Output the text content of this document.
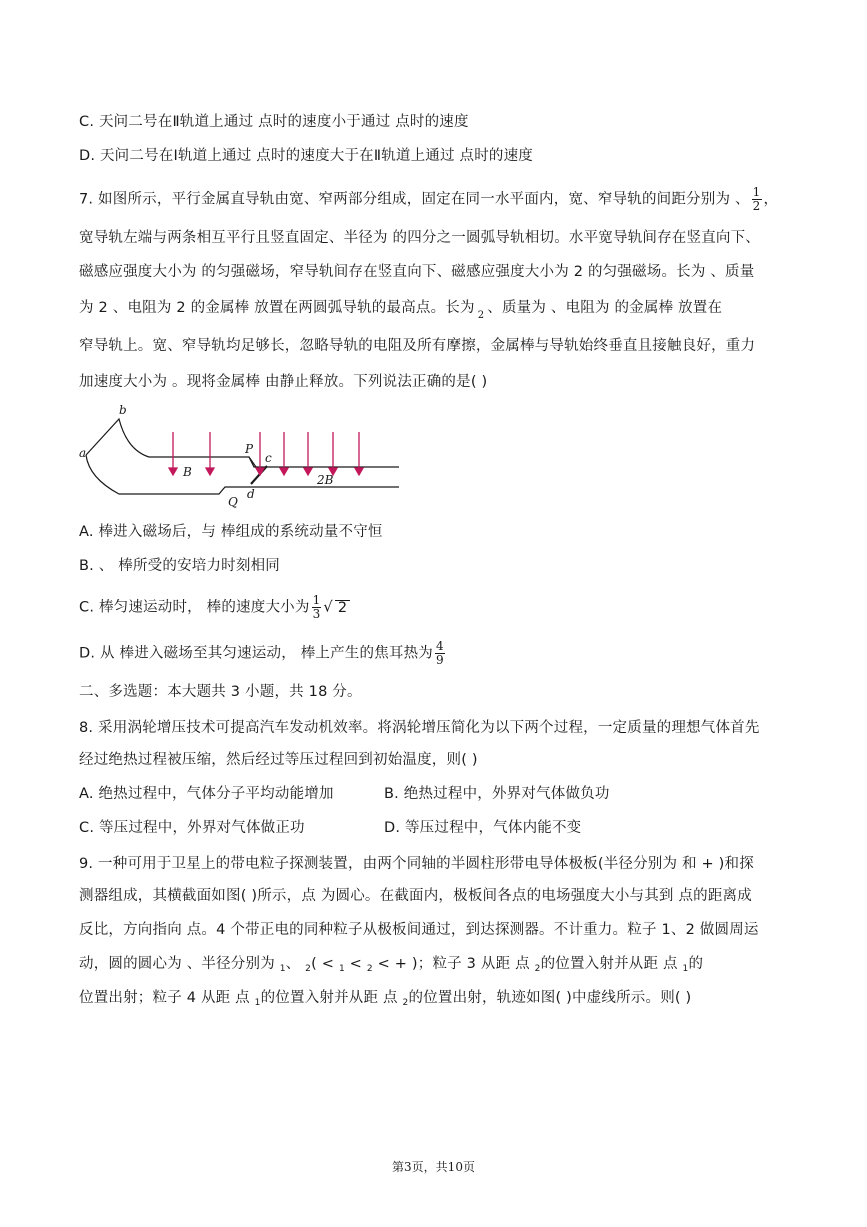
C. 天问二号在Ⅱ轨道上通过 点时的速度小于通过 点时的速度
D. 天问二号在Ⅰ轨道上通过 点时的速度大于在Ⅱ轨道上通过 点时的速度
7. 如图所示，平行金属直导轨由宽、窄两部分组成，固定在同一水平面内，宽、窄导轨的间距分别为 、 $\frac{1}{2}$ ，
宽导轨左端与两条相互平行且竖直固定、半径为 的四分之一圆弧导轨相切。水平宽导轨间存在竖直向下、
磁感应强度大小为 的匀强磁场，窄导轨间存在竖直向下、磁感应强度大小为 2 的匀强磁场。长为 、质量
为 2 、电阻为 2 的金属棒 放置在两圆弧导轨的最高点。长为 2 、质量为 、电阻为 的金属棒 放置在
窄导轨上。宽、窄导轨均足够长，忽略导轨的电阻及所有摩擦，金属棒与导轨始终垂直且接触良好，重力
加速度大小为 。现将金属棒 由静止释放。下列说法正确的是( )
a
b
P
c
B
2B
Q
d
A. 棒进入磁场后，与 棒组成的系统动量不守恒
B. 、 棒所受的安培力时刻相同
C. 棒匀速运动时， 棒的速度大小为 $\frac{1}{3}$ √ 2
D. 从 棒进入磁场至其匀速运动， 棒上产生的焦耳热为 $\frac{4}{9}$
二、多选题：本大题共 3 小题，共 18 分。
8. 采用涡轮增压技术可提高汽车发动机效率。将涡轮增压简化为以下两个过程，一定质量的理想气体首先
经过绝热过程被压缩，然后经过等压过程回到初始温度，则( )
A. 绝热过程中，气体分子平均动能增加	B. 绝热过程中，外界对气体做负功
C. 等压过程中，外界对气体做正功	D. 等压过程中，气体内能不变
9. 一种可用于卫星上的带电粒子探测装置，由两个同轴的半圆柱形带电导体极板(半径分别为 和 + )和探
测器组成，其横截面如图( )所示，点 为圆心。在截面内，极板间各点的电场强度大小与其到 点的距离成
反比，方向指向 点。4 个带正电的同种粒子从极板间通过，到达探测器。不计重力。粒子 1、2 做圆周运
动，圆的圆心为 、半径分别为 $_1$、 $_2$( < $_1$ < $_2$ < + )；粒子 3 从距 点 $_2$的位置入射并从距 点 $_1$的
位置出射；粒子 4 从距 点 $_1$的位置入射并从距 点 $_2$的位置出射，轨迹如图( )中虚线所示。则( )
第3页，共10页
